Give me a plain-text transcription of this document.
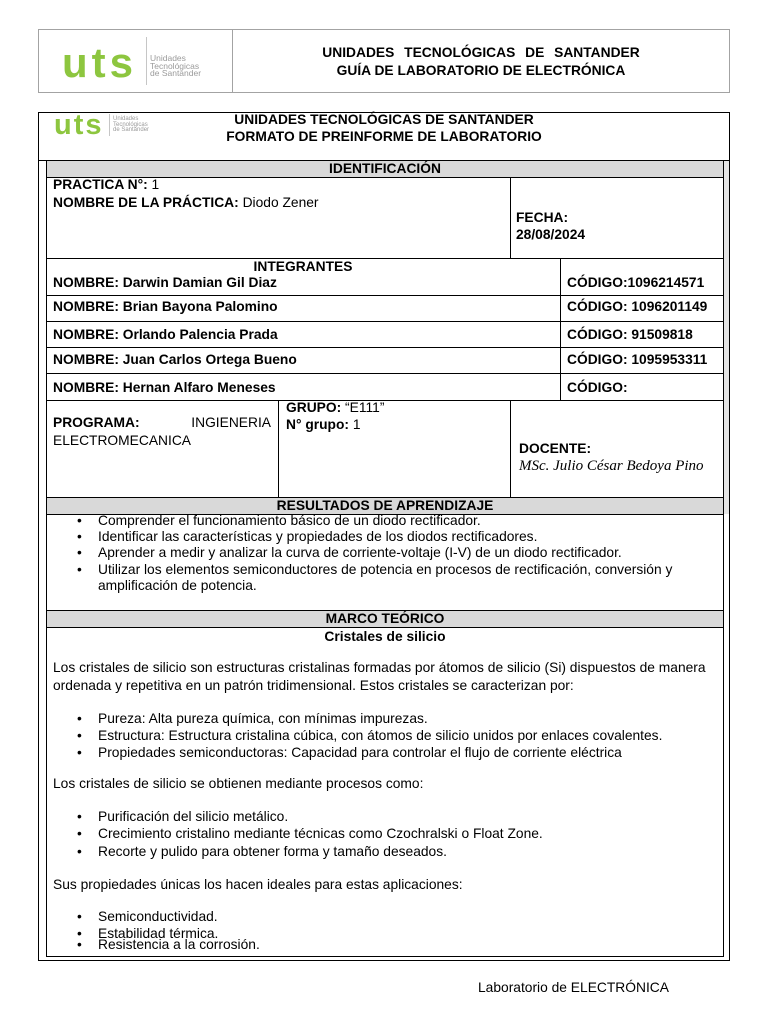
uts Unidades
Tecnológicas
de Santander
UNIDADES TECNOLÓGICAS DE SANTANDER
GUÍA DE LABORATORIO DE ELECTRÓNICA
uts Unidades
Tecnológicas
de Santander
UNIDADES TECNOLÓGICAS DE SANTANDER
FORMATO DE PREINFORME DE LABORATORIO
IDENTIFICACIÓN
RESULTADOS DE APRENDIZAJE
MARCO TEÓRICO
PRACTICA N°: 1
NOMBRE DE LA PRÁCTICA: Diodo Zener
FECHA:
28/08/2024
INTEGRANTES
NOMBRE: Darwin Damian Gil Diaz	CÓDIGO:1096214571
NOMBRE: Brian Bayona Palomino	CÓDIGO: 1096201149
NOMBRE: Orlando Palencia Prada	CÓDIGO: 91509818
NOMBRE: Juan Carlos Ortega Bueno	CÓDIGO: 1095953311
NOMBRE: Hernan Alfaro Meneses	CÓDIGO:

PROGRAMA:	INGIENERIA ELECTROMECANICA

GRUPO: “E111”
N° grupo: 1
DOCENTE:
MSc. Julio César Bedoya Pino
• Comprender el funcionamiento básico de un diodo rectificador.
• Identificar las características y propiedades de los diodos rectificadores.
• Aprender a medir y analizar la curva de corriente-voltaje (I-V) de un diodo rectificador.
• Utilizar los elementos semiconductores de potencia en procesos de rectificación, conversión y amplificación de potencia.
Cristales de silicio

Los cristales de silicio son estructuras cristalinas formadas por átomos de silicio (Si) dispuestos de manera ordenada y repetitiva en un patrón tridimensional. Estos cristales se caracterizan por:

• Pureza: Alta pureza química, con mínimas impurezas.
• Estructura: Estructura cristalina cúbica, con átomos de silicio unidos por enlaces covalentes.
• Propiedades semiconductoras: Capacidad para controlar el flujo de corriente eléctrica
Los cristales de silicio se obtienen mediante procesos como:
• Purificación del silicio metálico.
• Crecimiento cristalino mediante técnicas como Czochralski o Float Zone.
• Recorte y pulido para obtener forma y tamaño deseados.
Sus propiedades únicas los hacen ideales para estas aplicaciones:
• Semiconductividad.
• Estabilidad térmica.
• Resistencia a la corrosión.
Laboratorio de ELECTRÓNICA
